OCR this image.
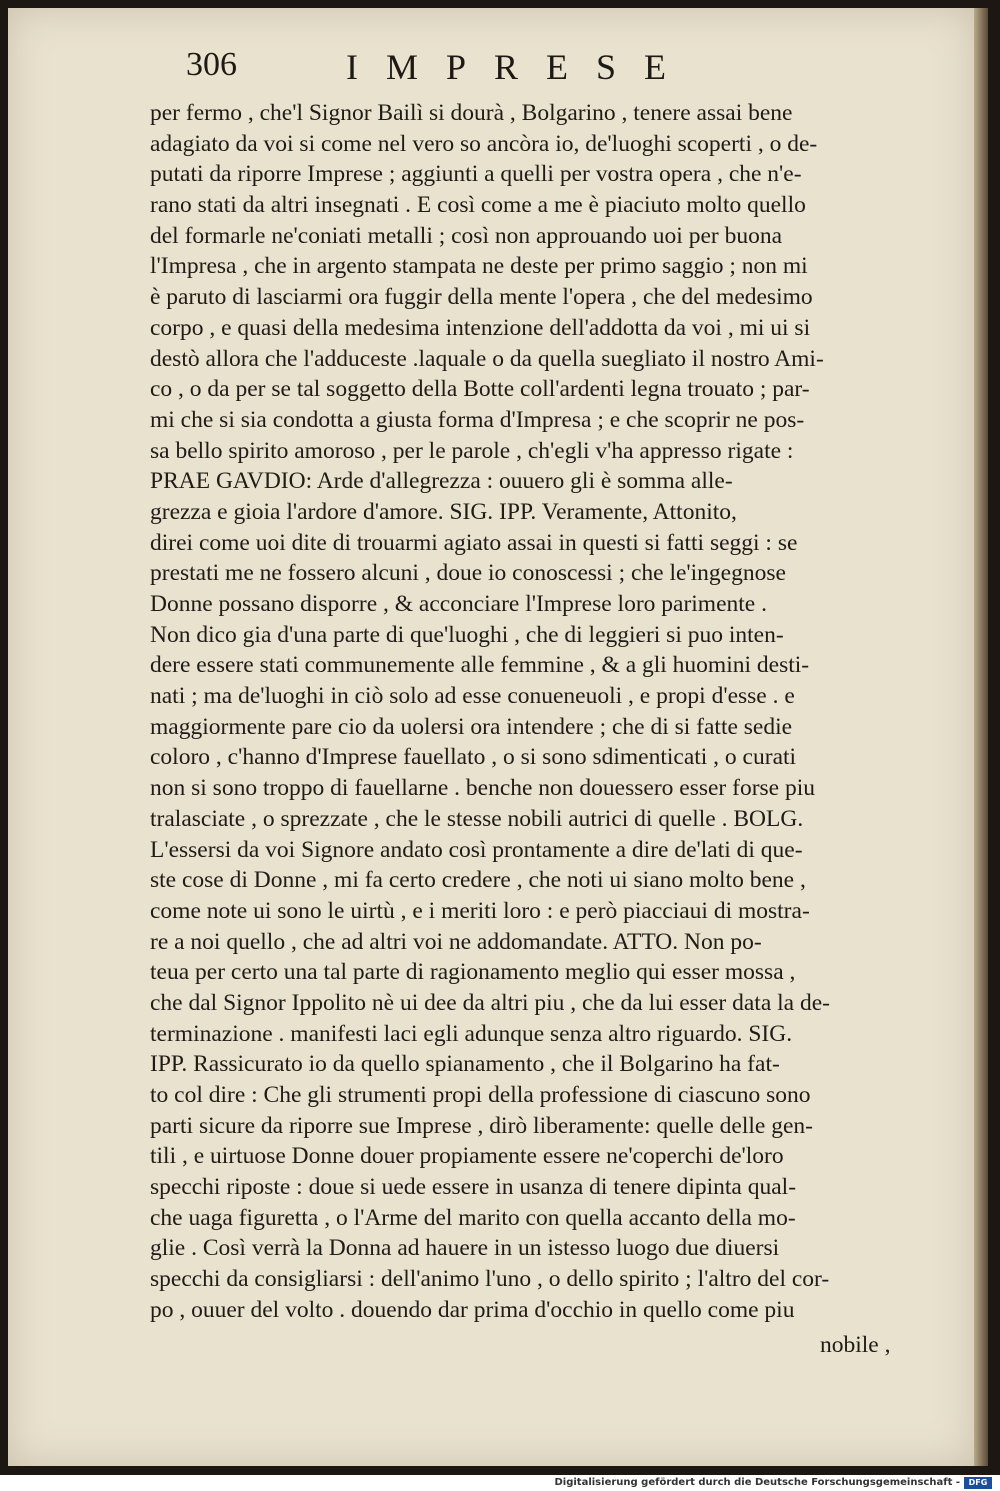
306	IMPRESE
per fermo , che'l Signor Bailì si dourà , Bolgarino , tenere assai bene
adagiato da voi si come nel vero so ancòra io, de'luoghi scoperti , o de-
putati da riporre Imprese ; aggiunti a quelli per vostra opera , che n'e-
rano stati da altri insegnati . E così come a me è piaciuto molto quello
del formarle ne'coniati metalli ; così non approuando uoi per buona
l'Impresa , che in argento stampata ne deste per primo saggio ; non mi
è paruto di lasciarmi ora fuggir della mente l'opera , che del medesimo
corpo , e quasi della medesima intenzione dell'addotta da voi , mi ui si
destò allora che l'adduceste .laquale o da quella suegliato il nostro Ami-
co , o da per se tal soggetto della Botte coll'ardenti legna trouato ; par-
mi che si sia condotta a giusta forma d'Impresa ; e che scoprir ne pos-
sa bello spirito amoroso , per le parole , ch'egli v'ha appresso rigate :
PRAE GAVDIO: Arde d'allegrezza : ouuero gli è somma alle-
grezza e gioia l'ardore d'amore. SIG. IPP. Veramente, Attonito,
direi come uoi dite di trouarmi agiato assai in questi si fatti seggi : se
prestati me ne fossero alcuni , doue io conoscessi ; che le'ingegnose
Donne possano disporre , & acconciare l'Imprese loro parimente .
Non dico gia d'una parte di que'luoghi , che di leggieri si puo inten-
dere essere stati communemente alle femmine , & a gli huomini desti-
nati ; ma de'luoghi in ciò solo ad esse conueneuoli , e propi d'esse . e
maggiormente pare cio da uolersi ora intendere ; che di si fatte sedie
coloro , c'hanno d'Imprese fauellato , o si sono sdimenticati , o curati
non si sono troppo di fauellarne . benche non douessero esser forse piu
tralasciate , o sprezzate , che le stesse nobili autrici di quelle . BOLG.
L'essersi da voi Signore andato così prontamente a dire de'lati di que-
ste cose di Donne , mi fa certo credere , che noti ui siano molto bene ,
come note ui sono le uirtù , e i meriti loro : e però piacciaui di mostra-
re a noi quello , che ad altri voi ne addomandate. ATTO. Non po-
teua per certo una tal parte di ragionamento meglio qui esser mossa ,
che dal Signor Ippolito nè ui dee da altri piu , che da lui esser data la de-
terminazione . manifesti laci egli adunque senza altro riguardo. SIG.
IPP. Rassicurato io da quello spianamento , che il Bolgarino ha fat-
to col dire : Che gli strumenti propi della professione di ciascuno sono
parti sicure da riporre sue Imprese , dirò liberamente: quelle delle gen-
tili , e uirtuose Donne douer propiamente essere ne'coperchi de'loro
specchi riposte : doue si uede essere in usanza di tenere dipinta qual-
che uaga figuretta , o l'Arme del marito con quella accanto della mo-
glie . Così verrà la Donna ad hauere in un istesso luogo due diuersi
specchi da consigliarsi : dell'animo l'uno , o dello spirito ; l'altro del cor-
po , ouuer del volto . douendo dar prima d'occhio in quello come piu
nobile ,
Digitalisierung gefördert durch die Deutsche Forschungsgemeinschaft -	DFG
